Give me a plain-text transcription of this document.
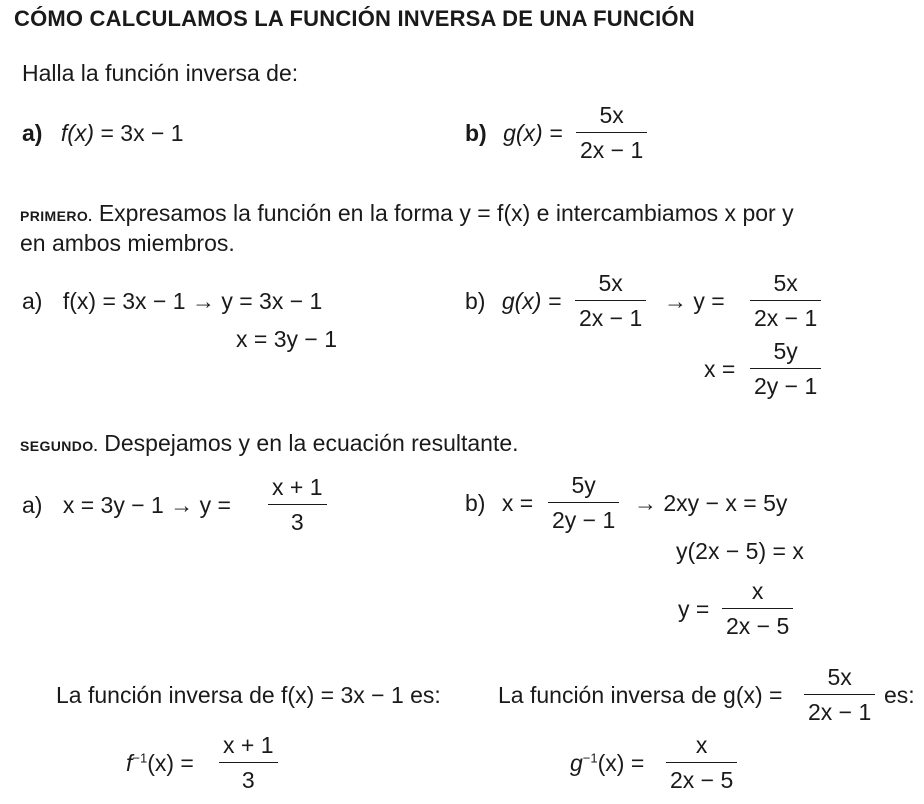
CÓMO CALCULAMOS LA FUNCIÓN INVERSA DE UNA FUNCIÓN
Halla la función inversa de:
a) f(x) = 3x − 1	b) g(x) =
5x
2x − 1
PRIMERO. Expresamos la función en la forma y = f(x) e intercambiamos x por y
en ambos miembros.
a) f(x) = 3x − 1 → y = 3x − 1
x = 3y − 1
b) g(x) =
5x
2x − 1
→ y =
5x
2x − 1
x =
5y
2y − 1
SEGUNDO. Despejamos y en la ecuación resultante.
a) x = 3y − 1 → y =
x + 1
3
b) x =
5y
2y − 1
→ 2xy − x = 5y
y(2x − 5) = x
y =
x
2x − 5
La función inversa de f(x) = 3x − 1 es:
$f^{-1}(x)$ =
x + 1
3
La función inversa de g(x) =
5x
2x − 1
es:
$g^{-1}(x)$ =
x
2x − 5
